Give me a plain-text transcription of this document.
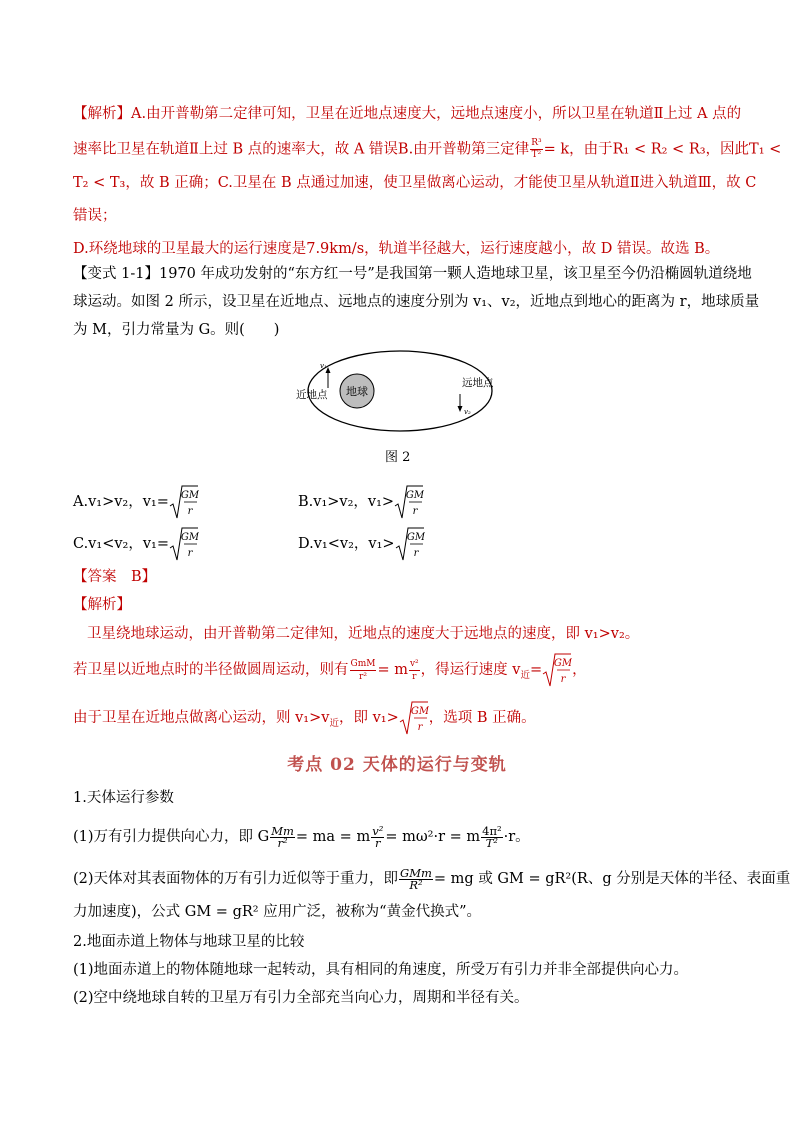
【解析】A.由开普勒第二定律可知，卫星在近地点速度大，远地点速度小，所以卫星在轨道Ⅱ上过 A 点的
速率比卫星在轨道Ⅱ上过 B 点的速率大，故 A 错误B.由开普勒第三定律 $\frac{\text{R³}}{\text{T²}} = k$，由于R₁ < R₂ < R₃，因此T₁ <
T₂ < T₃，故 B 正确；C.卫星在 B 点通过加速，使卫星做离心运动，才能使卫星从轨道Ⅱ进入轨道Ⅲ，故 C
错误；
D.环绕地球的卫星最大的运行速度是7.9km/s，轨道半径越大，运行速度越小，故 D 错误。故选 B。
【变式 1-1】1970 年成功发射的“东方红一号”是我国第一颗人造地球卫星，该卫星至今仍沿椭圆轨道绕地
球运动。如图 2 所示，设卫星在近地点、远地点的速度分别为 v₁、v₂，近地点到地心的距离为 r，地球质量
为 M，引力常量为 G。则(　　)
地球
v₁
近地点
v₂
远地点
图 2
A.v₁>v₂，v₁= GM
r
B.v₁>v₂，v₁> GM
r
C.v₁<v₂，v₁= GM
r
D.v₁<v₂，v₁> GM
r
【答案　B】
【解析】
卫星绕地球运动，由开普勒第二定律知，近地点的速度大于远地点的速度，即 v₁>v₂。
若卫星以近地点时的半径做圆周运动，则有 $\frac{\text{GmM}}{\text{r²}} = m \frac{\text{v²}}{r}$ ，得运行速度 $v_近=$ GM
r
，
由于卫星在近地点做离心运动，则 $v_1>v_近$，即 v₁> GM
r
，选项 B 正确。
考点 02 天体的运行与变轨
1.天体运行参数
(1)万有引力提供向心力，即 G $\frac{Mm}{\text{r²}}$ = ma = m $\frac{\text{v²}}{r} = m\omega^2\cdot r = m \frac{\text{4π²}}{\text{T²}} \cdot r$。
(2)天体对其表面物体的万有引力近似等于重力，即 $\frac{\text{GMm}}{\text{R²}}$ = mg 或 GM = gR²(R、g 分别是天体的半径、表面重
力加速度)，公式 GM = gR² 应用广泛，被称为“黄金代换式”。
2.地面赤道上物体与地球卫星的比较
(1)地面赤道上的物体随地球一起转动，具有相同的角速度，所受万有引力并非全部提供向心力。
(2)空中绕地球自转的卫星万有引力全部充当向心力，周期和半径有关。
